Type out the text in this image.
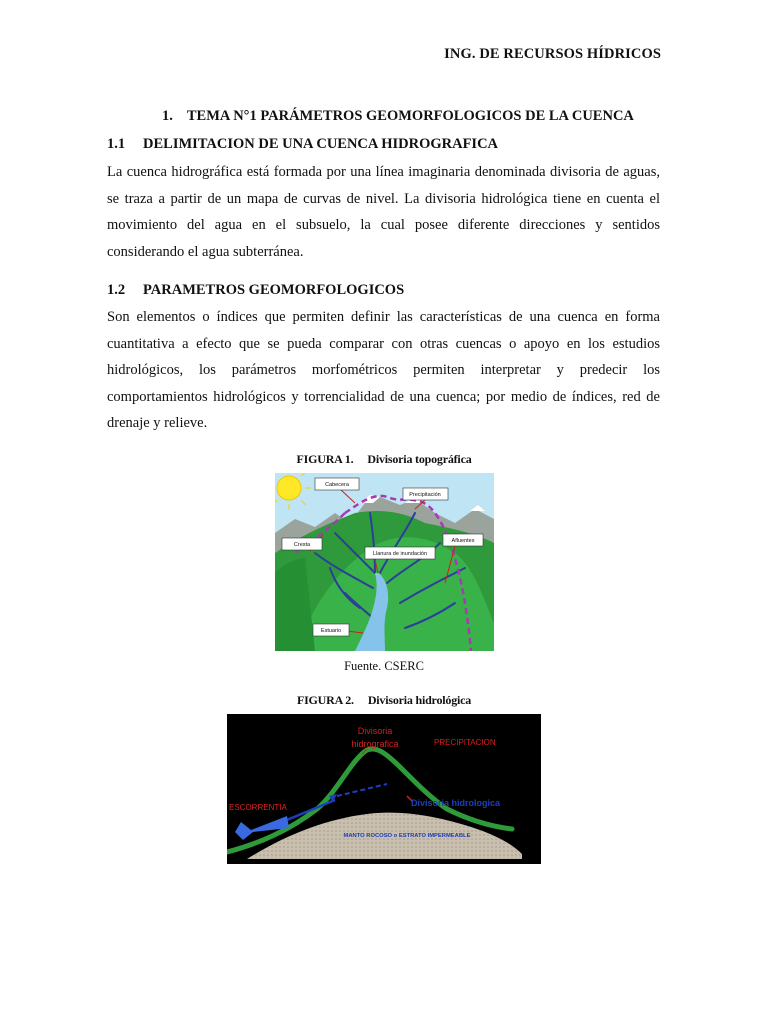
ING. DE RECURSOS HÍDRICOS
1. TEMA N°1 PARÁMETROS GEOMORFOLOGICOS DE LA CUENCA
1.1 DELIMITACION DE UNA CUENCA HIDROGRAFICA

La cuenca hidrográfica está formada por una línea imaginaria denominada divisoria de aguas, se traza a partir de un mapa de curvas de nivel. La divisoria hidrológica tiene en cuenta el movimiento del agua en el subsuelo, la cual posee diferente direcciones y sentidos considerando el agua subterránea.

1.2 PARAMETROS GEOMORFOLOGICOS

Son elementos o índices que permiten definir las características de una cuenca en forma cuantitativa a efecto que se pueda comparar con otras cuencas o apoyo en los estudios hidrológicos, los parámetros morfométricos permiten interpretar y predecir los comportamientos hidrológicos y torrencialidad de una cuenca; por medio de índices, red de drenaje y relieve.

FIGURA 1. Divisoria topográfica
Cabecera
Precipitación
Cresta
Llanura de inundación
Afluentes
Estuario
Fuente. CSERC
FIGURA 2. Divisoria hidrológica
Divisoria
hidrografica	PRECIPITACION
ESCORRENTIA	Divisoria hidrologica
MANTO ROCOSO o ESTRATO IMPERMEABLE
